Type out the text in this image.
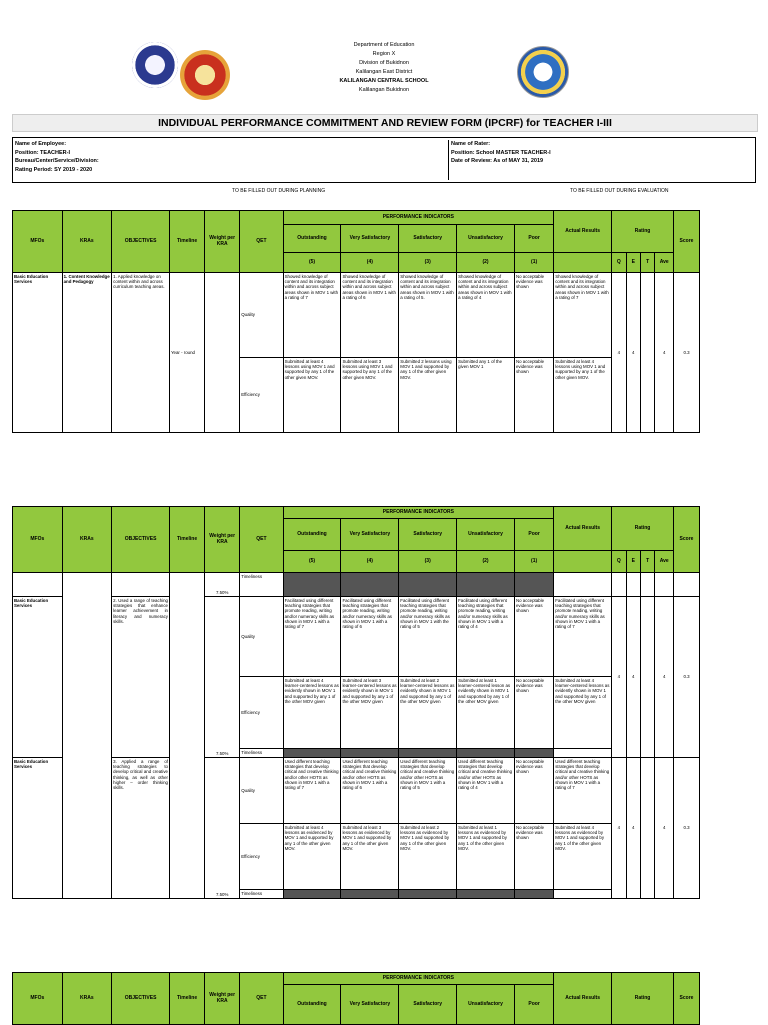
Department of Education
Region X
Division of Bukidnon
Kalilangan East District
KALILANGAN CENTRAL SCHOOL
Kalilangan Bukidnon
INDIVIDUAL PERFORMANCE COMMITMENT AND REVIEW FORM (IPCRF) for TEACHER I-III
Name of Employee:
Position: TEACHER-I
Bureau/Center/Service/Division:
Rating Period: SY 2019 - 2020
Name of Rater:
Position: School MASTER TEACHER-I
Date of Review: As of MAY 31, 2019
TO BE FILLED OUT DURING PLANNING	TO BE FILLED OUT DURING EVALUATION
MFOs	KRAs	OBJECTIVES	Timeline	Weight per KRA	QET	PERFORMANCE INDICATORS					Actual Results	Rating				Score
						Outstanding	Very Satisfactory	Satisfactory	Unsatisfactory	Poor						
						(5)	(4)	(3)	(2)	(1)		Q	E	T	Ave	
Basic Education Services	1. Content Knowledge and Pedagogy	1. Applied knowledge on content within and across curriculum teaching areas.	Year - round		Quality	Showed knowledge of content and its integration within and across subject areas shown in MOV 1 with a rating of 7	Showed knowledge of content and its integration within and across subject areas shown in MOV 1 with a rating of 6	Showed knowledge of content and its integration within and across subject areas shown in MOV 1 with a rating of 5.	Showed knowledge of content and its integration within and across subject areas shown in MOV 1 with a rating of 4	No acceptable evidence was shown	Showed knowledge of content and its integration within and across subject areas shown in MOV 1 with a rating of 7	4	4		4	0.3
					Efficiency	Submitted at least 4 lessons using MOV 1 and supported by any 1 of the other given MOV.	Submitted at least 3 lessons using MOV 1 and supported by any 1 of the other given MOV.	Submitted 2 lessons using MOV 1 and supported by any 1 of the other given MOV.	Submitted any 1 of the given MOV 1	No acceptable evidence was shown	Submitted at least 4 lessons using MOV 1 and supported by any 1 of the other given MOV.					
MFOs	KRAs	OBJECTIVES	Timeline	Weight per KRA	QET	PERFORMANCE INDICATORS					Actual Results	Rating				Score
						Outstanding	Very Satisfactory	Satisfactory	Unsatisfactory	Poor						
						(5)	(4)	(3)	(2)	(1)		Q	E	T	Ave	
				7.50%	Timeliness											
Basic Education Services		2. Used a range of teaching strategies that enhance learner achievement in literacy and numeracy skills.		7.50%	Quality	Facilitated using different teaching strategies that promote reading, writing and/or numeracy skills as shown in MOV 1 with a rating of 7	Facilitated using different teaching strategies that promote reading, writing and/or numeracy skills as shown in MOV 1 with a rating of 6	Facilitated using different teaching strategies that promote reading, writing and/or numeracy skills as shown in MOV 1 with the rating of 5	Facilitated using different teaching strategies that promote reading, writing and/or numeracy skills as shown in MOV 1 with a rating of 4	No acceptable evidence was shown	Facilitated using different teaching strategies that promote reading, writing and/or numeracy skills as shown in MOV 1 with a rating of 7	4	4		4	0.3
					Efficiency	Submitted at least 4 learner-centered lessons as evidently shown in MOV 1 and supported by any 1 of the other MOV given	Submitted at least 3 learner-centered lessons as evidently shown in MOV 1 and supported by any 1 of the other MOV given	Submitted at least 2 learner-centered lessons as evidently shown in MOV 1 and supported by any 1 of the other MOV given	Submitted at least 1 learner-centered lesson as evidently shown in MOV 1 and supported by any 1 of the other MOV given	No acceptable evidence was shown	Submitted at least 4 learner-centered lessons as evidently shown in MOV 1 and supported by any 1 of the other MOV given					
					Timeliness											
Basic Education Services		3. Applied a range of teaching strategies to develop critical and creative thinking, as well as other higher – order thinking skills.		7.50%	Quality	Used different teaching strategies that develop critical and creative thinking and/or other HOTS as shown in MOV 1 with a rating of 7	Used different teaching strategies that develop critical and creative thinking and/or other HOTS as shown in MOV 1 with a rating of 6	Used different teaching strategies that develop critical and creative thinking and/or other HOTS as shown in MOV 1 with a rating of 5	Used different teaching strategies that develop critical and creative thinking and/or other HOTS as shown in MOV 1 with a rating of 4	No acceptable evidence was shown	Used different teaching strategies that develop critical and creative thinking and/or other HOTS as shown in MOV 1 with a rating of 7	4	4		4	0.3
					Efficiency	Submitted at least 4 lessons as evidenced by MOV 1 and supported by any 1 of the other given MOV.	Submitted at least 3 lessons as evidenced by MOV 1 and supported by any 1 of the other given MOV.	Submitted at least 2 lessons as evidenced by MOV 1 and supported by any 1 of the other given MOV.	Submitted at least 1 lessons as evidenced by MOV 1 and supported by any 1 of the other given MOV.	No acceptable evidence was shown	Submitted at least 4 lessons as evidenced by MOV 1 and supported by any 1 of the other given MOV.					
					Timeliness											
MFOs	KRAs	OBJECTIVES	Timeline	Weight per KRA	QET	PERFORMANCE INDICATORS					Actual Results	Rating	Score
						Outstanding	Very Satisfactory	Satisfactory	Unsatisfactory	Poor			
